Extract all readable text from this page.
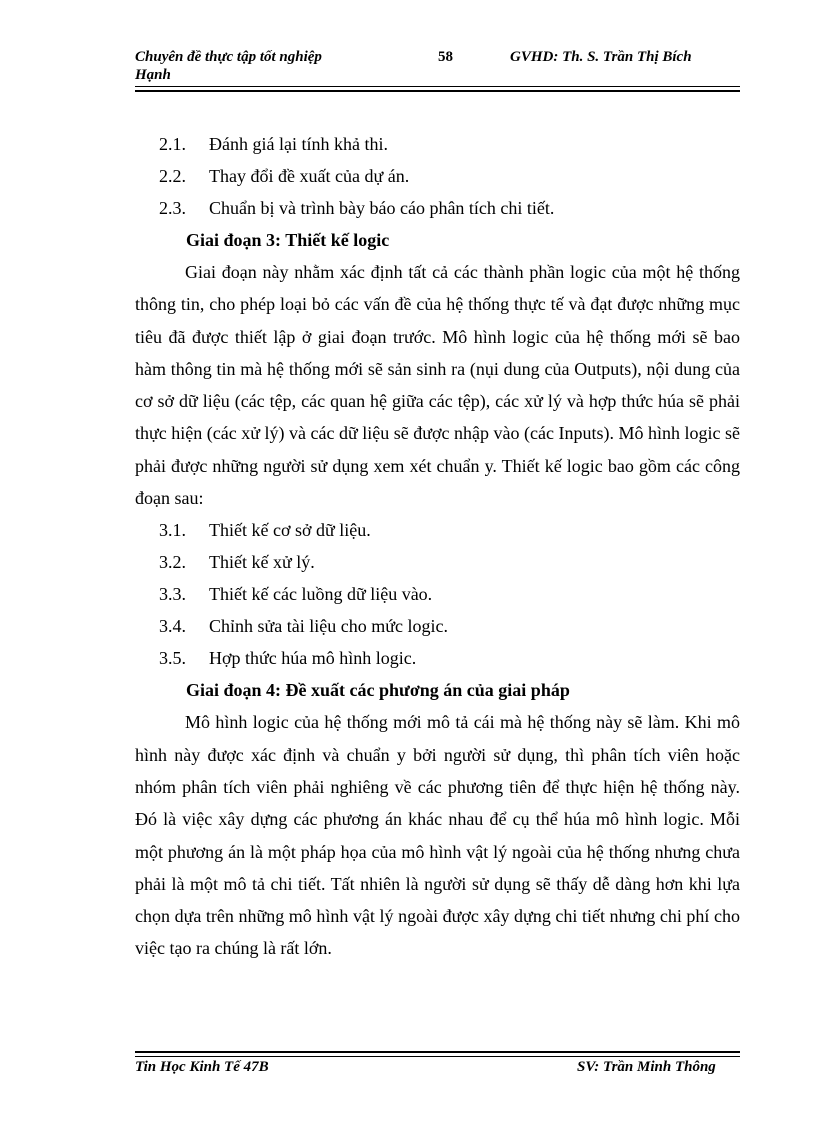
Chuyên đề thực tập tốt nghiệp Hạnh
58	GVHD: Th. S. Trần Thị Bích
2.1. Đánh giá lại tính khả thi.
2.2. Thay đổi đề xuất của dự án.
2.3. Chuẩn bị và trình bày báo cáo phân tích chi tiết.
Giai đoạn 3: Thiết kế logic

Giai đoạn này nhằm xác định tất cả các thành phần logic của một hệ thống thông tin, cho phép loại bỏ các vấn đề của hệ thống thực tế và đạt được những mục tiêu đã được thiết lập ở giai đoạn trước. Mô hình logic của hệ thống mới sẽ bao hàm thông tin mà hệ thống mới sẽ sản sinh ra (nụi dung của Outputs), nội dung của cơ sở dữ liệu (các tệp, các quan hệ giữa các tệp), các xử lý và hợp thức húa sẽ phải thực hiện (các xử lý) và các dữ liệu sẽ được nhập vào (các Inputs). Mô hình logic sẽ phải được những người sử dụng xem xét chuẩn y. Thiết kế logic bao gồm các công đoạn sau:

3.1. Thiết kế cơ sở dữ liệu.
3.2. Thiết kế xử lý.
3.3. Thiết kế các luồng dữ liệu vào.
3.4. Chỉnh sửa tài liệu cho mức logic.
3.5. Hợp thức húa mô hình logic.
Giai đoạn 4: Đề xuất các phương án của giai pháp

Mô hình logic của hệ thống mới mô tả cái mà hệ thống này sẽ làm. Khi mô hình này được xác định và chuẩn y bởi người sử dụng, thì phân tích viên hoặc nhóm phân tích viên phải nghiêng về các phương tiên để thực hiện hệ thống này. Đó là việc xây dựng các phương án khác nhau để cụ thể húa mô hình logic. Mỗi một phương án là một pháp họa của mô hình vật lý ngoài của hệ thống nhưng chưa phải là một mô tả chi tiết. Tất nhiên là người sử dụng sẽ thấy dễ dàng hơn khi lựa chọn dựa trên những mô hình vật lý ngoài được xây dựng chi tiết nhưng chi phí cho việc tạo ra chúng là rất lớn.

Tin Học Kinh Tế 47B	SV: Trần Minh Thông
